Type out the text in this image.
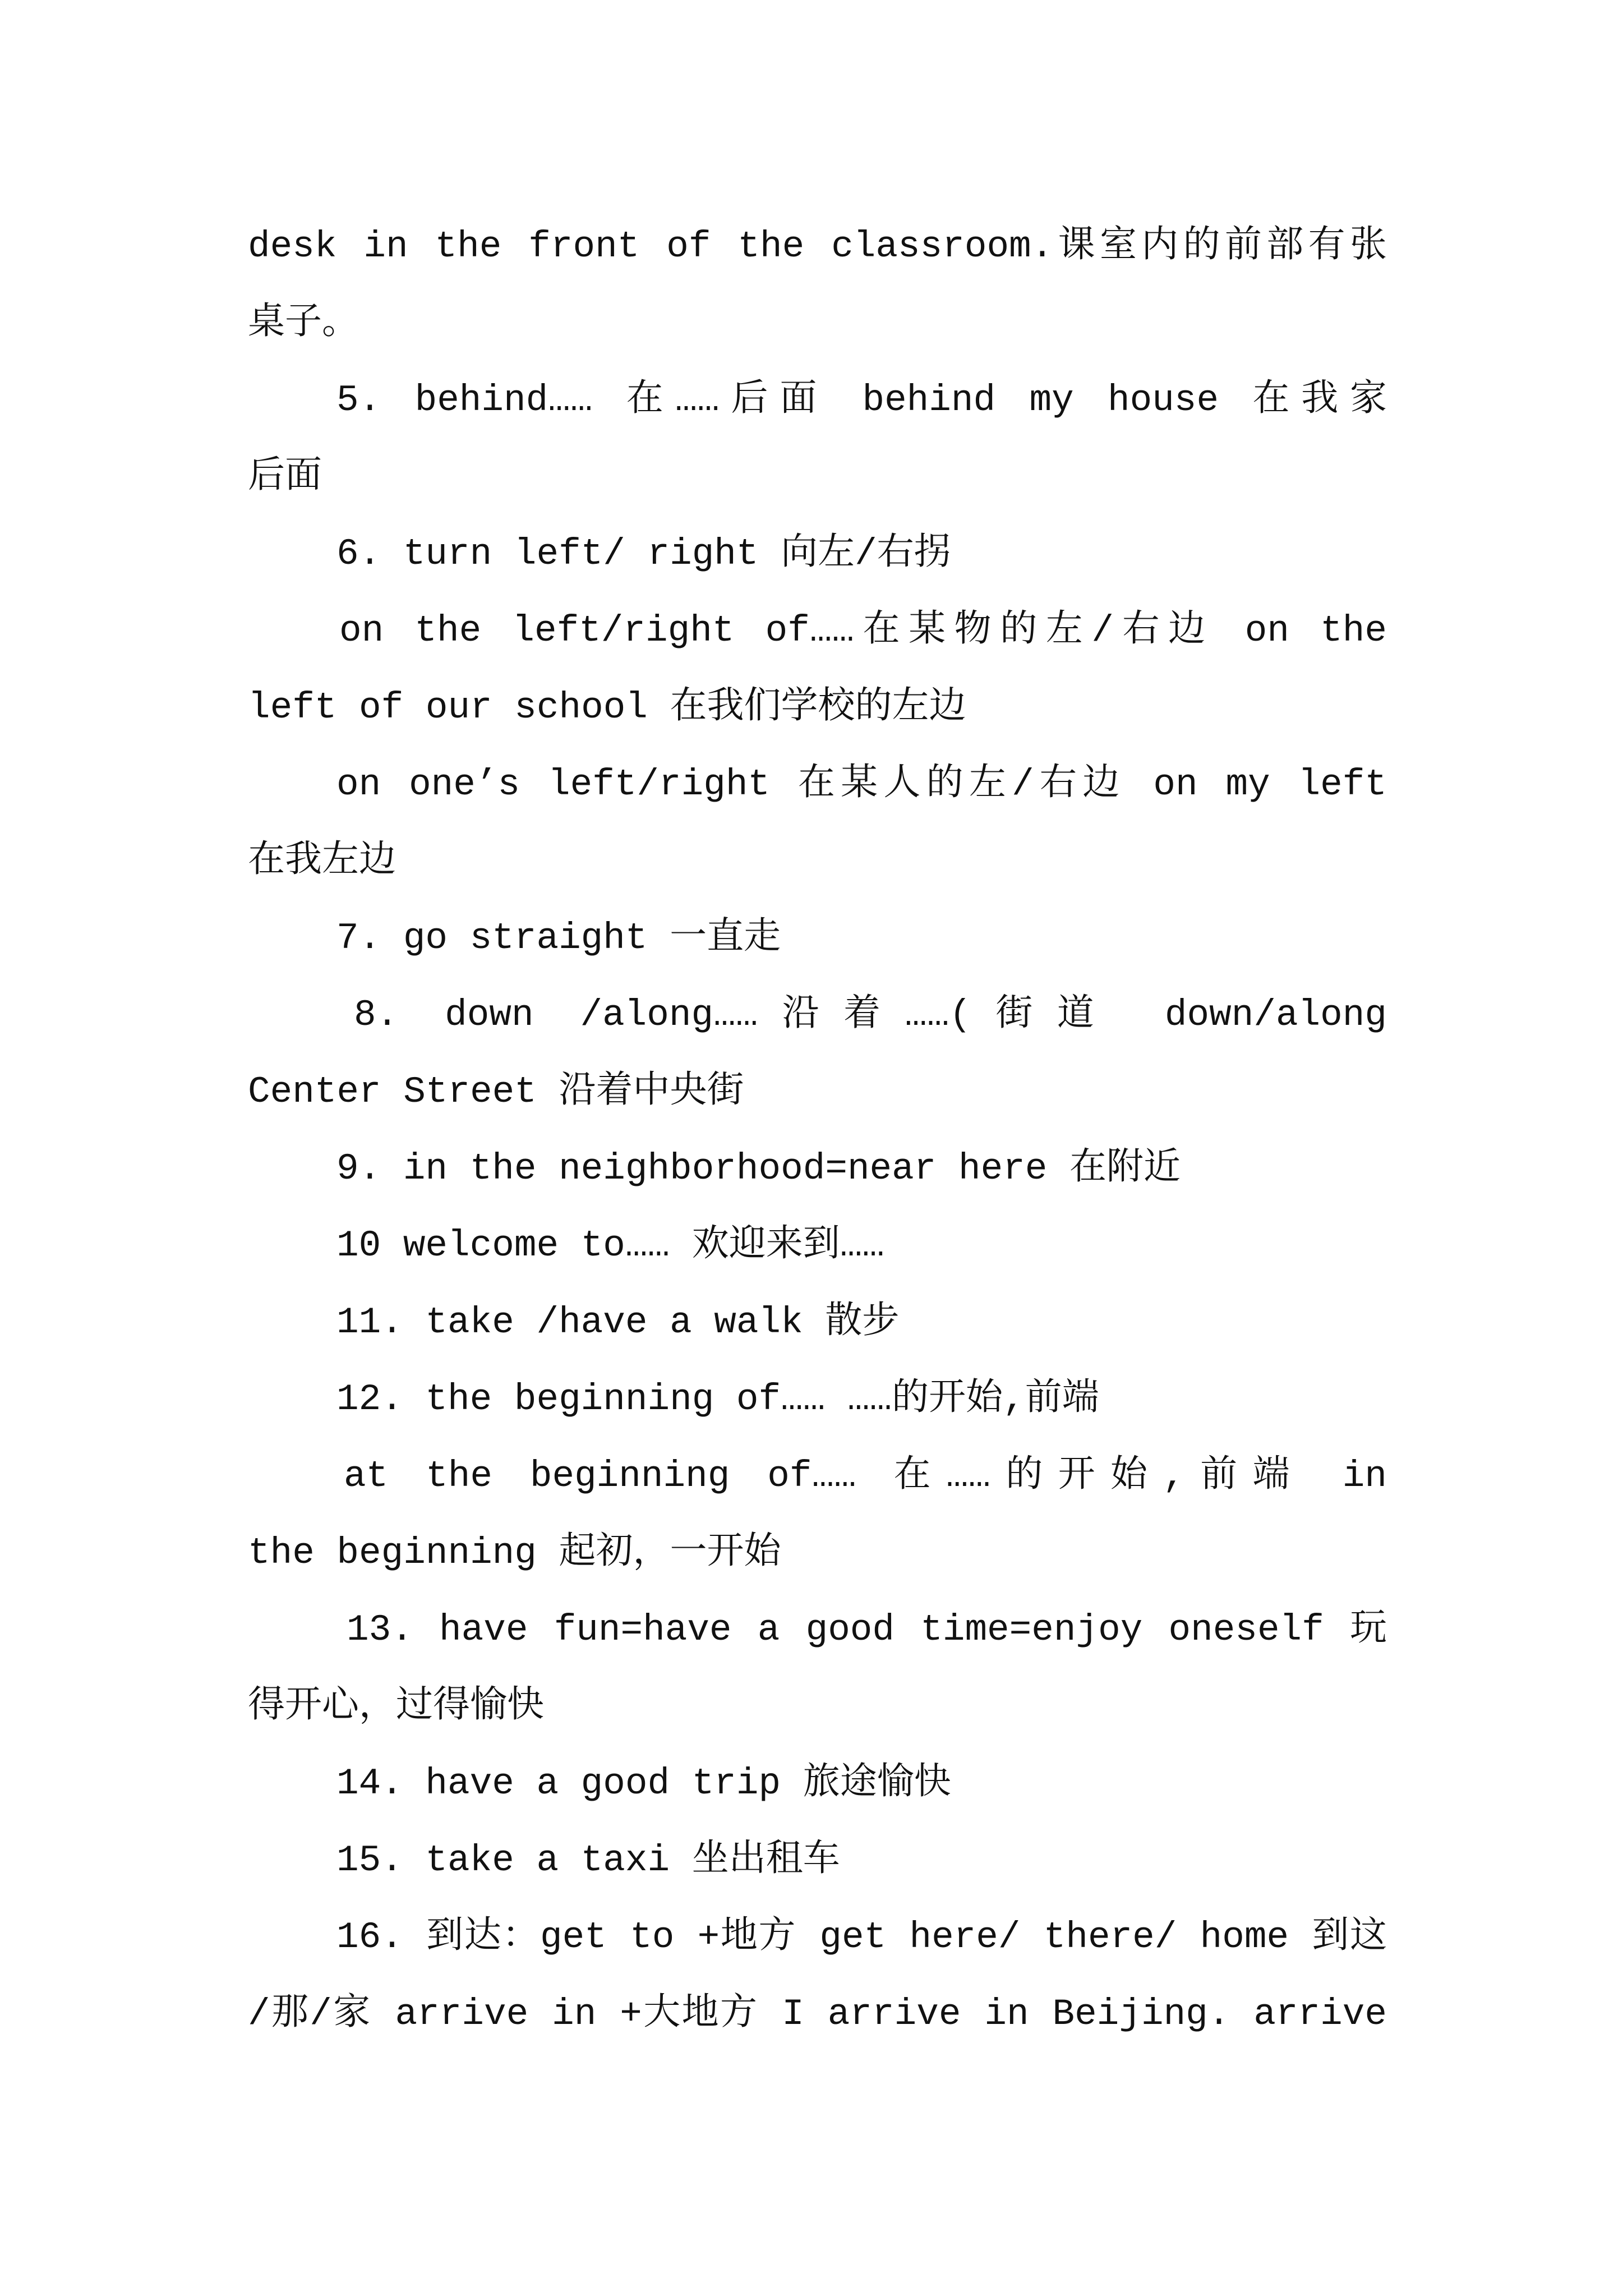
desk in the front of the classroom.课室内的前部有张
桌子。
5. behind…… 在……后面 behind my house 在我家
后面
6. turn left/ right 向左/右拐
on the left/right of……在某物的左/右边 on the
left of our school 在我们学校的左边
on one’s left/right 在某人的左/右边 on my left
在我左边
7. go straight 一直走
8. down /along……沿着……(街道 down/along
Center Street 沿着中央街
9. in the neighborhood=near here 在附近
10 welcome to…… 欢迎来到……
11. take /have a walk 散步
12. the beginning of…… ……的开始,前端
at the beginning of…… 在……的开始,前端 in
the beginning 起初，一开始
13. have fun=have a good time=enjoy oneself 玩
得开心，过得愉快
14. have a good trip 旅途愉快
15. take a taxi 坐出租车
16. 到达：get to +地方 get here/ there/ home 到这
/那/家 arrive in +大地方 I arrive in Beijing. arrive
